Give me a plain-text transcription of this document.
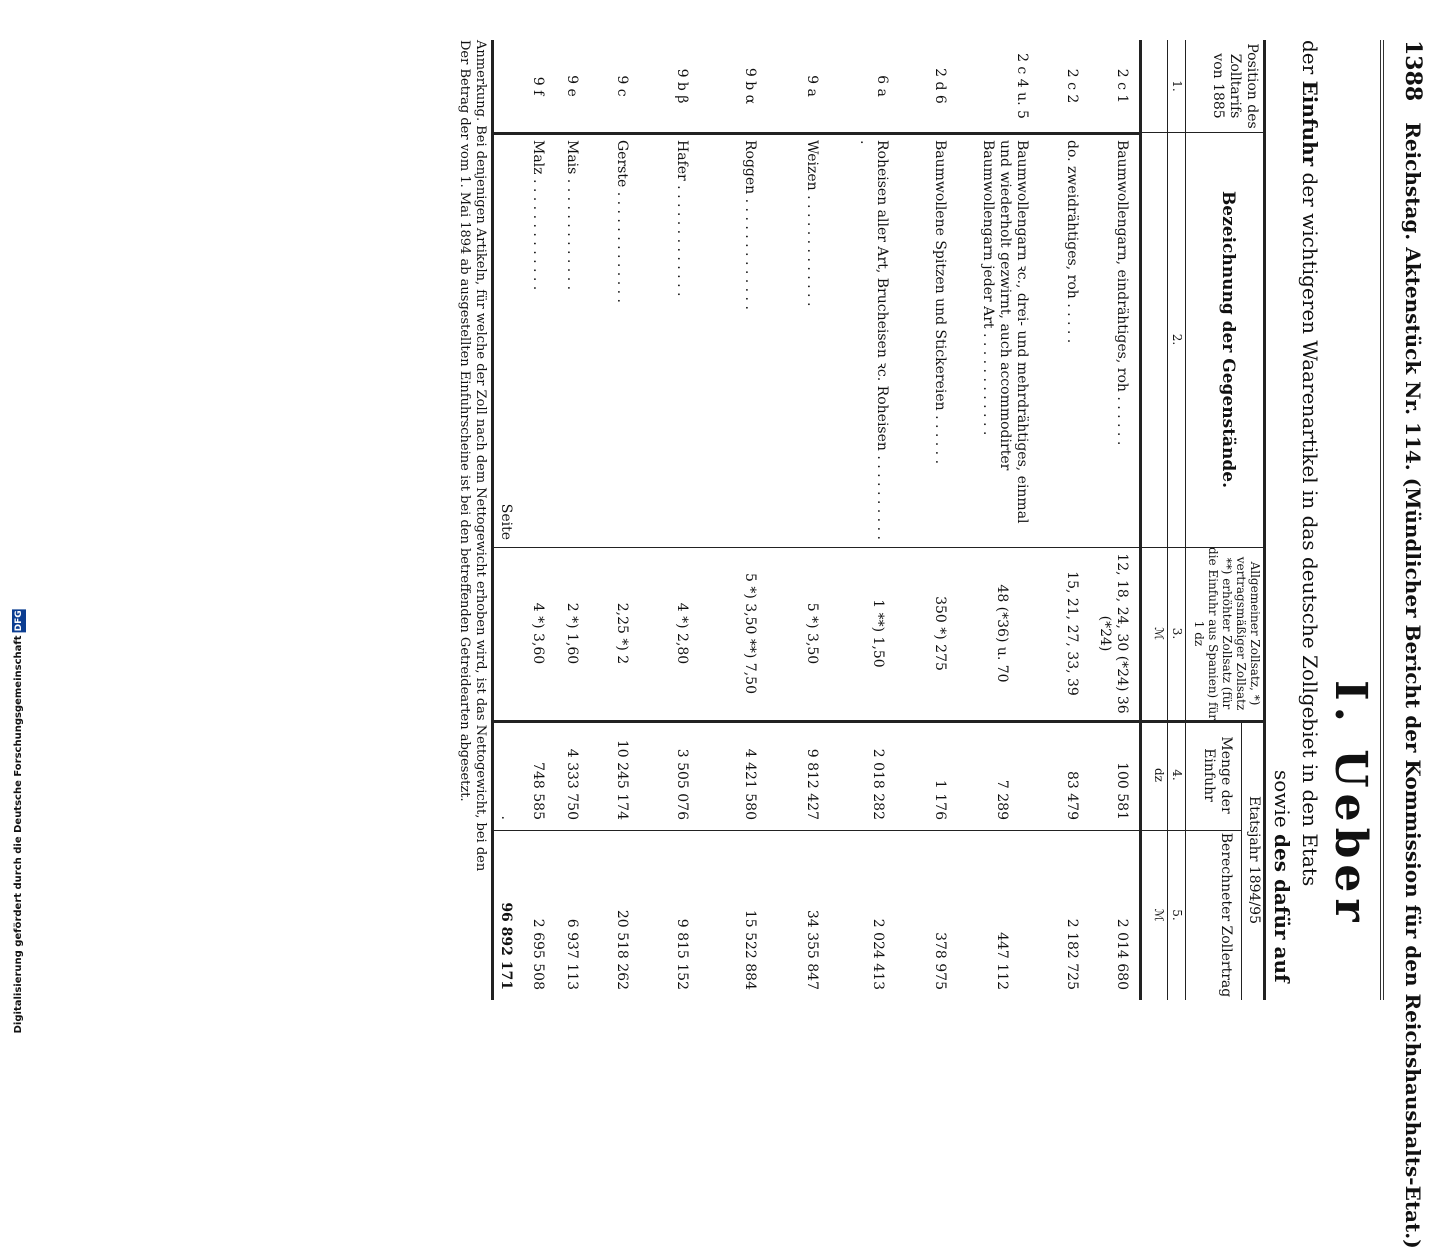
Digitalisierung gefördert durch die Deutsche Forschungsgemeinschaft DFG
1388 Reichstag. Aktenstück Nr. 114. (Mündlicher Bericht der Kommission für den Reichshaushalts-Etat.)
I. Ueber
der Einfuhr der wichtigeren Waarenartikel in das deutsche Zollgebiet in den Etats
sowie des dafür auf
Position des Zolltarifs von 1885
Bezeichnung der Gegenstände.
Allgemeiner Zollsatz, *) vertragsmäßiger Zollsatz **) erhöhter Zollsatz (für die Einfuhr aus Spanien) für 1 dz
Etatsjahr 1894/95
Menge der Einfuhr
Berechneter Zollertrag
1.
2.
3.
4.
5.
ℳ
dz
ℳ
2 c 1
Baumwollengarn, eindrähtiges, roh . . . . . .
12, 18, 24, 30 (*24) 36 (*24)
100 581
2 014 680
2 c 2
do. zweidrähtiges, roh . . . . .
15, 21, 27, 33, 39
83 479
2 182 725
2 c 4 u. 5
Baumwollengarn ꝛc., drei- und mehrdrähtiges, einmal und wiederholt gezwirnt, auch accommodirter Baumwollengarn jeder Art . . . . . . . . . . . .
48 (*36) u. 70
7 289
447 112
2 d 6
Baumwollene Spitzen und Stickereien . . . . . .
350 *) 275
1 176
378 975
6 a
Roheisen aller Art, Brucheisen ꝛc. Roheisen . . . . . . . . . . .
1 **) 1,50
2 018 282
2 024 413
9 a
Weizen . . . . . . . . . . . . .
5 *) 3,50
9 812 427
34 355 847
9 b α
Roggen . . . . . . . . . . . . .
5 *) 3,50 **) 7,50
4 421 580
15 522 884
9 b β
Hafer . . . . . . . . . . . . .
4 *) 2,80
3 505 076
9 815 152
9 c
Gerste . . . . . . . . . . . . .
2,25 *) 2
10 245 174
20 518 262
9 e
Mais . . . . . . . . . . . . .
2 *) 1,60
4 333 750
6 937 113
9 f
Malz . . . . . . . . . . . . .
4 *) 3,60
748 585
2 695 508
Seite
.
96 892 171
Anmerkung. Bei denjenigen Artikeln, für welche der Zoll nach dem Nettogewicht erhoben wird, ist das Nettogewicht, bei den
Der Betrag der vom 1. Mai 1894 ab ausgestellten Einfuhrscheine ist bei den betreffenden Getreidearten abgesetzt.
